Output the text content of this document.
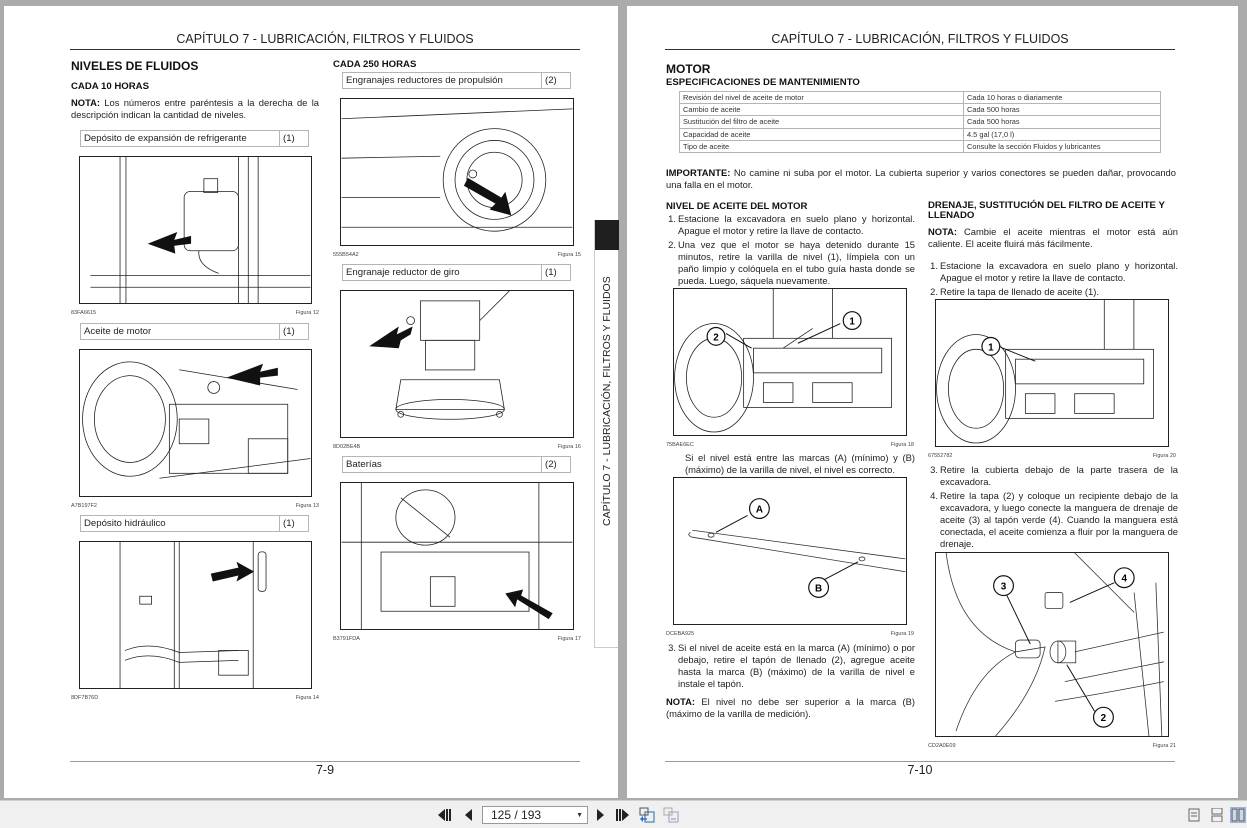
CAPÍTULO 7 - LUBRICACIÓN, FILTROS Y FLUIDOS
NIVELES DE FLUIDOS
CADA 10 HORAS
NOTA: Los números entre paréntesis a la derecha de la descripción indican la cantidad de niveles.
Depósito de expansión de refrigerante	(1)
83FA6615	Figura 12
Aceite de motor	(1)
A7B197F2	Figura 13
Depósito hidráulico	(1)
8DF7B76D	Figura 14
CADA 250 HORAS
Engranajes reductores de propulsión	(2)
555B54A2	Figura 15
Engranaje reductor de giro	(1)
8D02BE4B	Figura 16
Baterías	(2)
B3791FDA	Figura 17
7-9
CAPÍTULO 7 - LUBRICACIÓN, FILTROS Y FLUIDOS
CAPÍTULO 7 - LUBRICACIÓN, FILTROS Y FLUIDOS
MOTOR
ESPECIFICACIONES DE MANTENIMIENTO
Revisión del nivel de aceite de motor	Cada 10 horas o diariamente
Cambio de aceite	Cada 500 horas
Sustitución del filtro de aceite	Cada 500 horas
Capacidad de aceite	4.5 gal (17,0 l)
Tipo de aceite	Consulte la sección Fluidos y lubricantes
IMPORTANTE: No camine ni suba por el motor. La cubierta superior y varios conectores se pueden dañar, provocando una falla en el motor.
NIVEL DE ACEITE DEL MOTOR
1. Estacione la excavadora en suelo plano y horizontal. Apague el motor y retire la llave de contacto.
2. Una vez que el motor se haya detenido durante 15 minutos, retire la varilla de nivel (1), límpiela con un paño limpio y colóquela en el tubo guía hasta donde se pueda. Luego, sáquela nuevamente.
1
2
75BAE6EC	Figura 18
Si el nivel está entre las marcas (A) (mínimo) y (B) (máximo) de la varilla de nivel, el nivel es correcto.
A
B
DCEBA925	Figura 19
3. Si el nivel de aceite está en la marca (A) (mínimo) o por debajo, retire el tapón de llenado (2), agregue aceite hasta la marca (B) (máximo) de la varilla de nivel e instale el tapón.
NOTA: El nivel no debe ser superior a la marca (B) (máximo de la varilla de medición).
DRENAJE, SUSTITUCIÓN DEL FILTRO DE ACEITE Y LLENADO
NOTA: Cambie el aceite mientras el motor está aún caliente. El aceite fluirá más fácilmente.
1. Estacione la excavadora en suelo plano y horizontal. Apague el motor y retire la llave de contacto.
2. Retire la tapa de llenado de aceite (1).
1
67552782	Figura 20
3. Retire la cubierta debajo de la parte trasera de la excavadora.
4. Retire la tapa (2) y coloque un recipiente debajo de la excavadora, y luego conecte la manguera de drenaje de aceite (3) al tapón verde (4). Cuando la manguera está conectada, el aceite comienza a fluir por la manguera de drenaje.
3
4
2
CD2A0E09	Figura 21
7-10
125 / 193	▼
